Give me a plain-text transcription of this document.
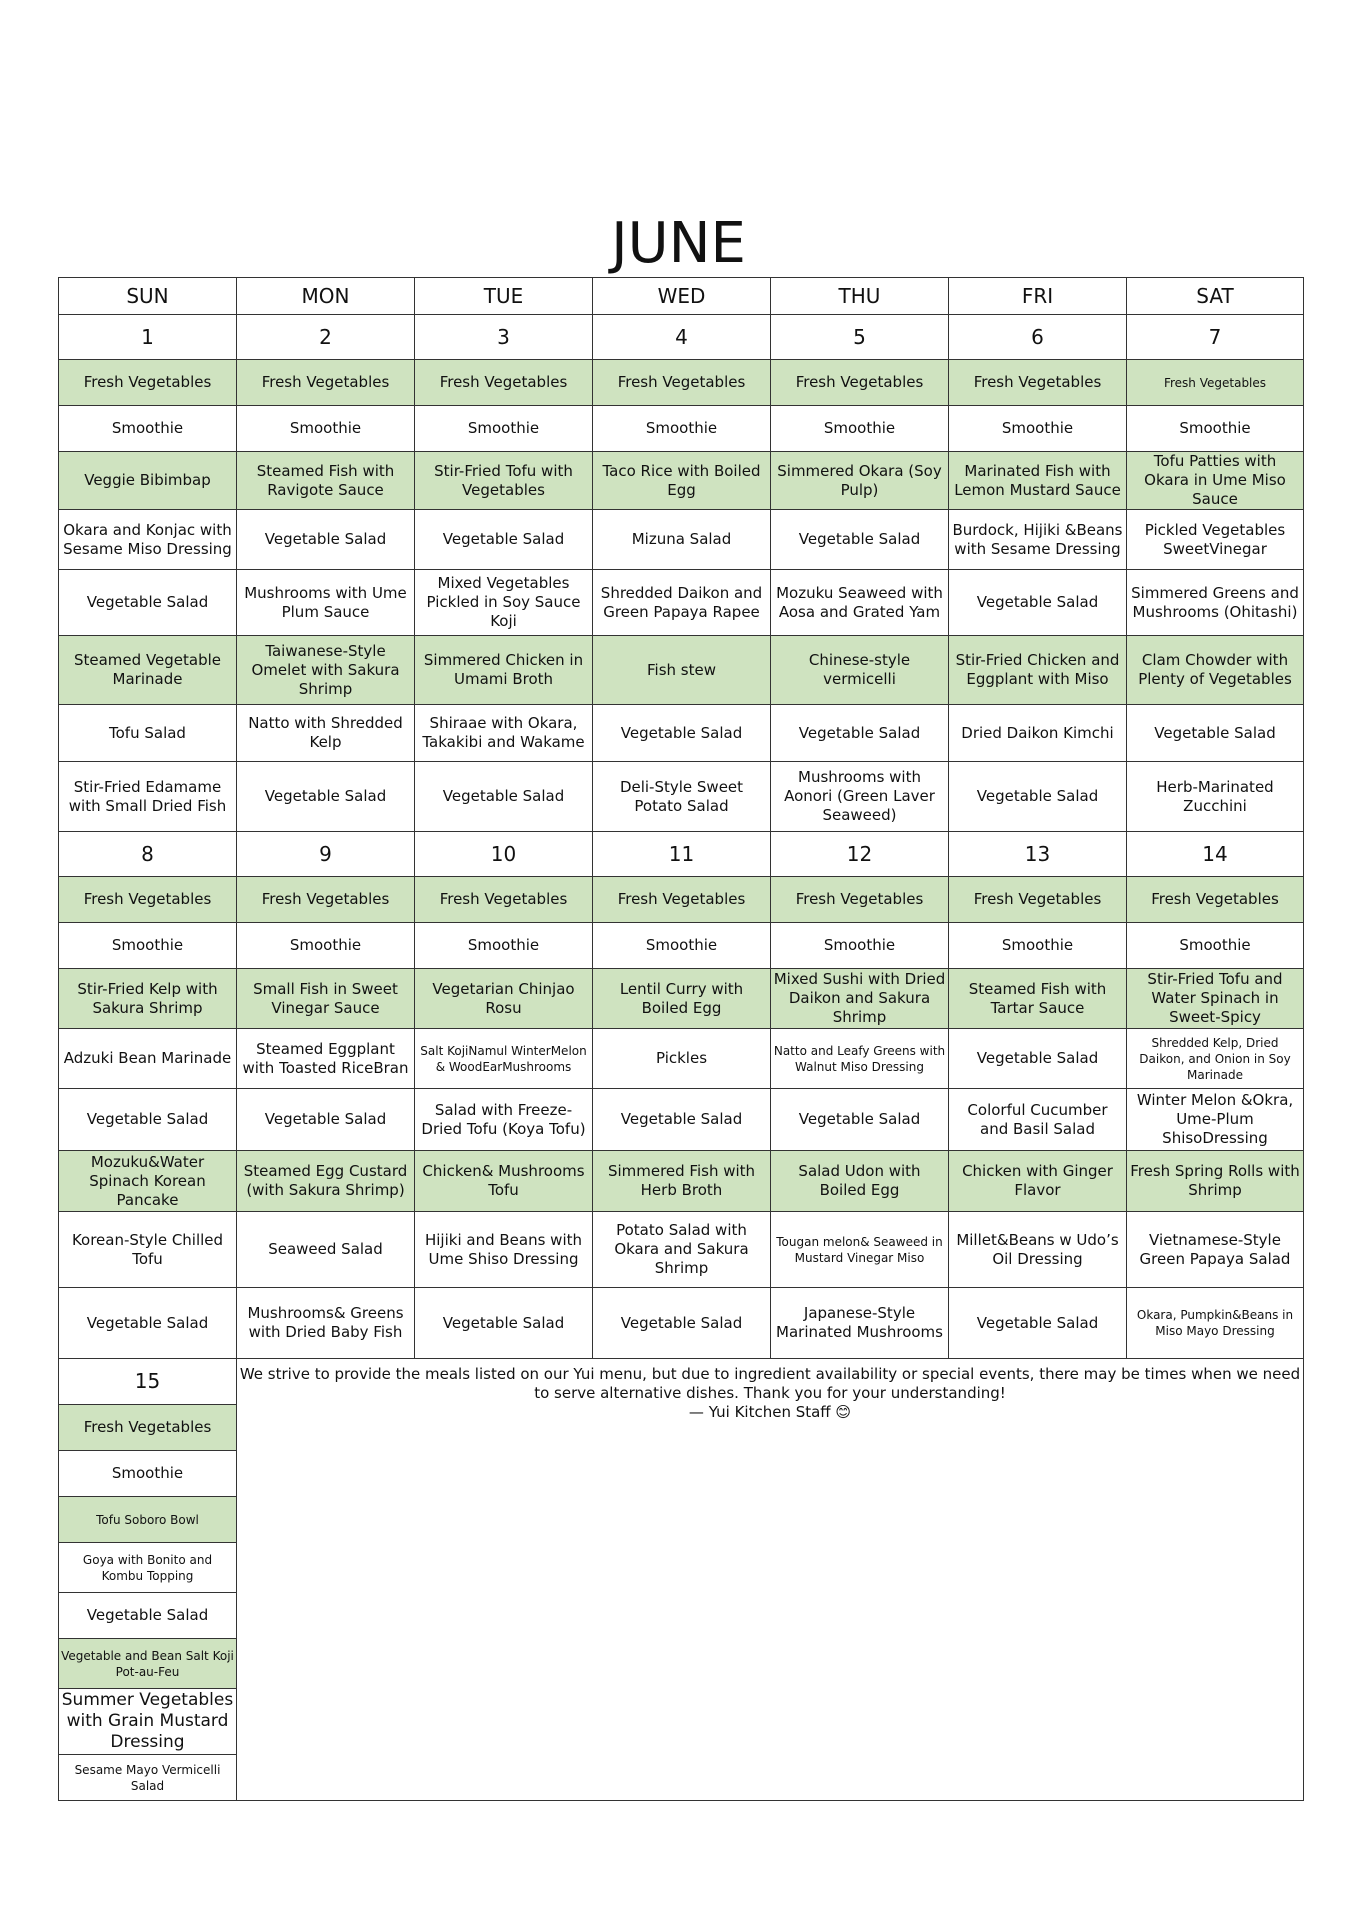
JUNE
SUN	MON	TUE	WED	THU	FRI	SAT
1	2	3	4	5	6	7
Fresh Vegetables	Fresh Vegetables	Fresh Vegetables	Fresh Vegetables	Fresh Vegetables	Fresh Vegetables	Fresh Vegetables
Smoothie	Smoothie	Smoothie	Smoothie	Smoothie	Smoothie	Smoothie
Veggie Bibimbap	Steamed Fish with Ravigote Sauce	Stir-Fried Tofu with Vegetables	Taco Rice with Boiled Egg	Simmered Okara (Soy Pulp)	Marinated Fish with Lemon Mustard Sauce	Tofu Patties with Okara in Ume Miso Sauce
Okara and Konjac with Sesame Miso Dressing	Vegetable Salad	Vegetable Salad	Mizuna Salad	Vegetable Salad	Burdock, Hijiki &Beans with Sesame Dressing	Pickled Vegetables SweetVinegar
Vegetable Salad	Mushrooms with Ume Plum Sauce	Mixed Vegetables Pickled in Soy Sauce Koji	Shredded Daikon and Green Papaya Rapee	Mozuku Seaweed with Aosa and Grated Yam	Vegetable Salad	Simmered Greens and Mushrooms (Ohitashi)
Steamed Vegetable Marinade	Taiwanese-Style Omelet with Sakura Shrimp	Simmered Chicken in Umami Broth	Fish stew	Chinese-style vermicelli	Stir-Fried Chicken and Eggplant with Miso	Clam Chowder with Plenty of Vegetables
Tofu Salad	Natto with Shredded Kelp	Shiraae with Okara, Takakibi and Wakame	Vegetable Salad	Vegetable Salad	Dried Daikon Kimchi	Vegetable Salad
Stir-Fried Edamame with Small Dried Fish	Vegetable Salad	Vegetable Salad	Deli-Style Sweet Potato Salad	Mushrooms with Aonori (Green Laver Seaweed)	Vegetable Salad	Herb-Marinated Zucchini
8	9	10	11	12	13	14
Fresh Vegetables	Fresh Vegetables	Fresh Vegetables	Fresh Vegetables	Fresh Vegetables	Fresh Vegetables	Fresh Vegetables
Smoothie	Smoothie	Smoothie	Smoothie	Smoothie	Smoothie	Smoothie
Stir-Fried Kelp with Sakura Shrimp	Small Fish in Sweet Vinegar Sauce	Vegetarian Chinjao Rosu	Lentil Curry with Boiled Egg	Mixed Sushi with Dried Daikon and Sakura Shrimp	Steamed Fish with Tartar Sauce	Stir-Fried Tofu and Water Spinach in Sweet-Spicy
Adzuki Bean Marinade	Steamed Eggplant with Toasted RiceBran	Salt KojiNamul WinterMelon & WoodEarMushrooms	Pickles	Natto and Leafy Greens with Walnut Miso Dressing	Vegetable Salad	Shredded Kelp, Dried Daikon, and Onion in Soy Marinade
Vegetable Salad	Vegetable Salad	Salad with Freeze-Dried Tofu (Koya Tofu)	Vegetable Salad	Vegetable Salad	Colorful Cucumber and Basil Salad	Winter Melon &Okra, Ume-Plum ShisoDressing
Mozuku&Water Spinach Korean Pancake	Steamed Egg Custard (with Sakura Shrimp)	Chicken& Mushrooms Tofu	Simmered Fish with Herb Broth	Salad Udon with Boiled Egg	Chicken with Ginger Flavor	Fresh Spring Rolls with Shrimp
Korean-Style Chilled Tofu	Seaweed Salad	Hijiki and Beans with Ume Shiso Dressing	Potato Salad with Okara and Sakura Shrimp	Tougan melon& Seaweed in Mustard Vinegar Miso	Millet&Beans w Udo’s Oil Dressing	Vietnamese-Style Green Papaya Salad
Vegetable Salad	Mushrooms& Greens with Dried Baby Fish	Vegetable Salad	Vegetable Salad	Japanese-Style Marinated Mushrooms	Vegetable Salad	Okara, Pumpkin&Beans in Miso Mayo Dressing
15	We strive to provide the meals listed on our Yui menu, but due to ingredient availability or special events, there may be times when we need to serve alternative dishes. Thank you for your understanding!
— Yui Kitchen Staff 😊					

Fresh Vegetables						
Smoothie						
Tofu Soboro Bowl						
Goya with Bonito and Kombu Topping						
Vegetable Salad						
Vegetable and Bean Salt Koji Pot-au-Feu						
Summer Vegetables with Grain Mustard Dressing						
Sesame Mayo Vermicelli Salad						
